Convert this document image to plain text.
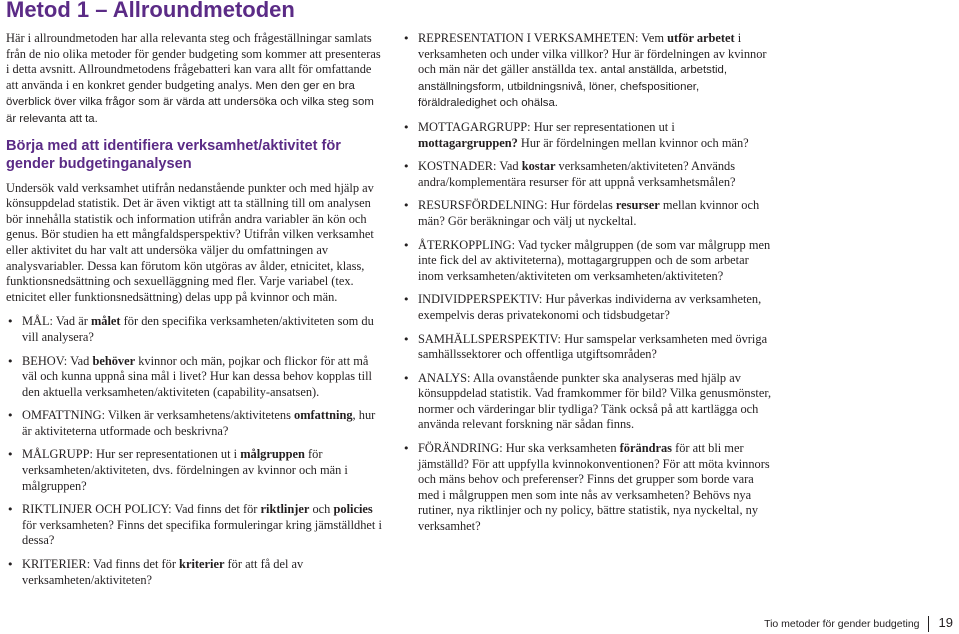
Metod 1 – Allroundmetoden

Här i allroundmetoden har alla relevanta steg och frågeställningar samlats från de nio olika metoder för gender budgeting som kommer att presenteras i detta avsnitt. Allroundmetodens frågebatteri kan vara allt för omfattande att använda i en konkret gender budgeting analys. Men den ger en bra överblick över vilka frågor som är värda att undersöka och vilka steg som är relevanta att ta.

Börja med att identifiera verksamhet/aktivitet för gender budgetinganalysen

Undersök vald verksamhet utifrån nedanstående punkter och med hjälp av könsuppdelad statistik. Det är även viktigt att ta ställning till om analysen bör innehålla statistik och information utifrån andra variabler än kön och genus. Bör studien ha ett mångfaldsperspektiv? Utifrån vilken verksamhet eller aktivitet du har valt att undersöka väljer du omfattningen av analysvariabler. Dessa kan förutom kön utgöras av ålder, etnicitet, klass, funktionsnedsättning och sexuelläggning med fler. Varje variabel (tex. etnicitet eller funktionsnedsättning) delas upp på kvinnor och män.

• MÅL: Vad är målet för den specifika verksamheten/aktiviteten som du vill analysera?
• BEHOV: Vad behöver kvinnor och män, pojkar och flickor för att må väl och kunna uppnå sina mål i livet? Hur kan dessa behov kopplas till den aktuella verksamheten/aktiviteten (capability-ansatsen).
• OMFATTNING: Vilken är verksamhetens/aktivitetens omfattning, hur är aktiviteterna utformade och beskrivna?
• MÅLGRUPP: Hur ser representationen ut i målgruppen för verksamheten/aktiviteten, dvs. fördelningen av kvinnor och män i målgruppen?
• RIKTLINJER OCH POLICY: Vad finns det för riktlinjer och policies för verksamheten? Finns det specifika formuleringar kring jämställdhet i dessa?
• KRITERIER: Vad finns det för kriterier för att få del av verksamheten/aktiviteten?
• REPRESENTATION I VERKSAMHETEN: Vem utför arbetet i verksamheten och under vilka villkor? Hur är fördelningen av kvinnor och män när det gäller anställda tex. antal anställda, arbetstid, anställningsform, utbildningsnivå, löner, chefspositioner, föräldraledighet och ohälsa.
• MOTTAGARGRUPP: Hur ser representationen ut i mottagargruppen? Hur är fördelningen mellan kvinnor och män?
• KOSTNADER: Vad kostar verksamheten/aktiviteten? Används andra/komplementära resurser för att uppnå verksamhetsmålen?
• RESURSFÖRDELNING: Hur fördelas resurser mellan kvinnor och män? Gör beräkningar och välj ut nyckeltal.
• ÅTERKOPPLING: Vad tycker målgruppen (de som var målgrupp men inte fick del av aktiviteterna), mottagargruppen och de som arbetar inom verksamheten/aktiviteten om verksamheten/aktiviteten?
• INDIVIDPERSPEKTIV: Hur påverkas individerna av verksamheten, exempelvis deras privatekonomi och tidsbudgetar?
• SAMHÄLLSPERSPEKTIV: Hur samspelar verksamheten med övriga samhällssektorer och offentliga utgiftsområden?
• ANALYS: Alla ovanstående punkter ska analyseras med hjälp av könsuppdelad statistik. Vad framkommer för bild? Vilka genusmönster, normer och värderingar blir tydliga? Tänk också på att kartlägga och använda relevant forskning när sådan finns.
• FÖRÄNDRING: Hur ska verksamheten förändras för att bli mer jämställd? För att uppfylla kvinnokonventionen? För att möta kvinnors och mäns behov och preferenser? Finns det grupper som borde vara med i målgruppen men som inte nås av verksamheten? Behövs nya rutiner, nya riktlinjer och ny policy, bättre statistik, nya nyckeltal, ny verksamhet?
Tio metoder för gender budgeting 19
